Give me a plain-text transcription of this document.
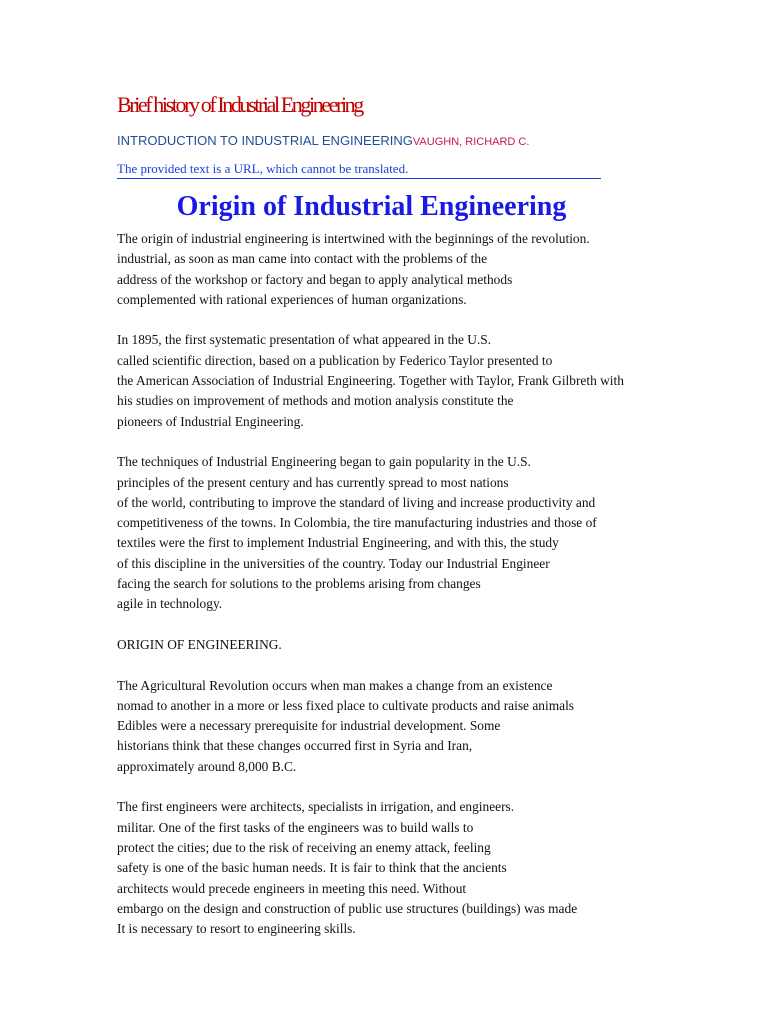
Brief history of Industrial Engineering
INTRODUCTION TO INDUSTRIAL ENGINEERINGVAUGHN, RICHARD C.
The provided text is a URL, which cannot be translated.
Origin of Industrial Engineering

The origin of industrial engineering is intertwined with the beginnings of the revolution.
industrial, as soon as man came into contact with the problems of the
address of the workshop or factory and began to apply analytical methods
complemented with rational experiences of human organizations.

In 1895, the first systematic presentation of what appeared in the U.S.
called scientific direction, based on a publication by Federico Taylor presented to
the American Association of Industrial Engineering. Together with Taylor, Frank Gilbreth with
his studies on improvement of methods and motion analysis constitute the
pioneers of Industrial Engineering.

The techniques of Industrial Engineering began to gain popularity in the U.S.
principles of the present century and has currently spread to most nations
of the world, contributing to improve the standard of living and increase productivity and
competitiveness of the towns. In Colombia, the tire manufacturing industries and those of
textiles were the first to implement Industrial Engineering, and with this, the study
of this discipline in the universities of the country. Today our Industrial Engineer
facing the search for solutions to the problems arising from changes
agile in technology.

ORIGIN OF ENGINEERING.

The Agricultural Revolution occurs when man makes a change from an existence
nomad to another in a more or less fixed place to cultivate products and raise animals
Edibles were a necessary prerequisite for industrial development. Some
historians think that these changes occurred first in Syria and Iran,
approximately around 8,000 B.C.

The first engineers were architects, specialists in irrigation, and engineers.
militar. One of the first tasks of the engineers was to build walls to
protect the cities; due to the risk of receiving an enemy attack, feeling
safety is one of the basic human needs. It is fair to think that the ancients
architects would precede engineers in meeting this need. Without
embargo on the design and construction of public use structures (buildings) was made
It is necessary to resort to engineering skills.
